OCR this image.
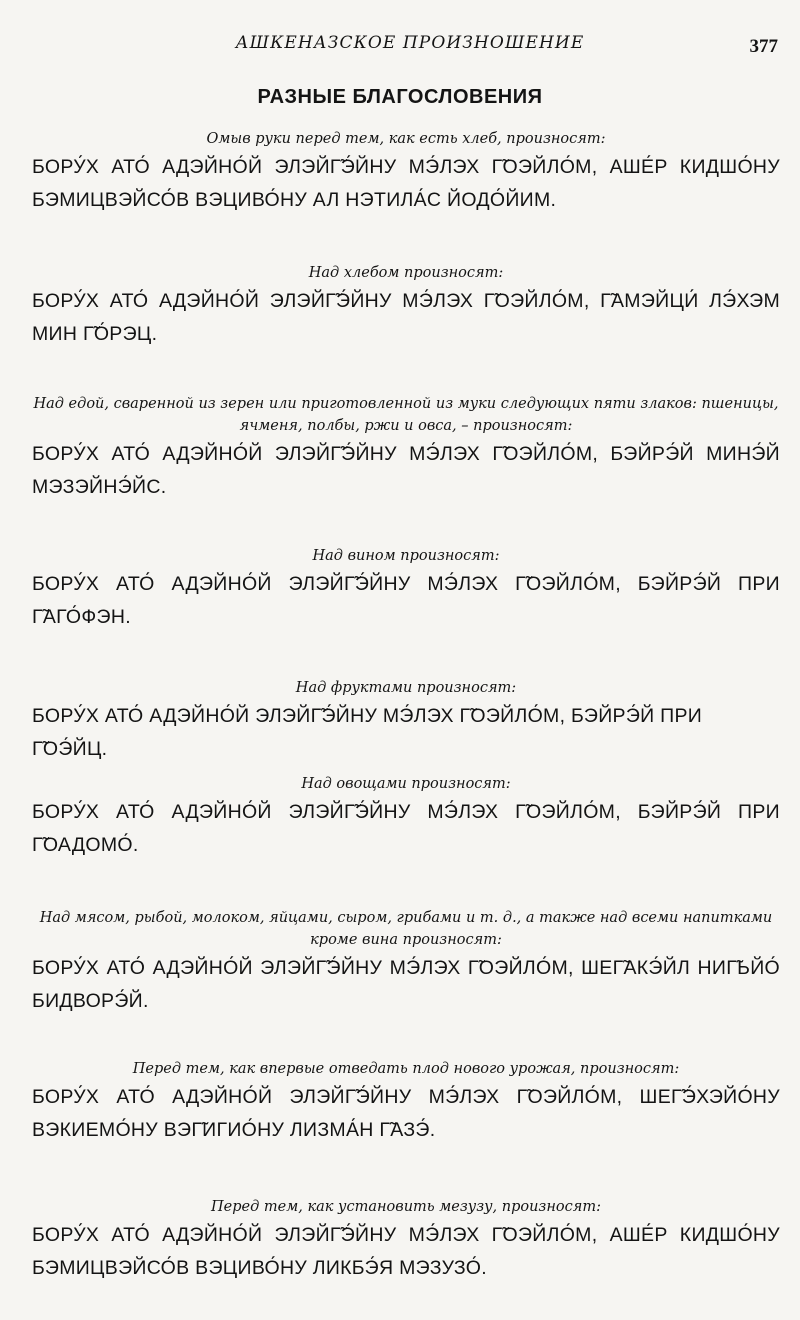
АШКЕНАЗСКОЕ ПРОИЗНОШЕНИЕ	377
РАЗНЫЕ БЛАГОСЛОВЕНИЯ

Омыв руки перед тем, как есть хлеб, произносят:

БОРУ́Х АТО́ АДЭЙНО́Й ЭЛЭЙГ̃Э́ЙНУ МЭ́ЛЭХ Г̃ОЭЙЛО́М, АШЕ́Р КИДШО́НУ БЭМИЦВЭЙСО́В ВЭЦИВО́НУ АЛ НЭТИЛА́С ЙОДО́ЙИМ.

Над хлебом произносят:

БОРУ́Х АТО́ АДЭЙНО́Й ЭЛЭЙГ̃Э́ЙНУ МЭ́ЛЭХ Г̃ОЭЙЛО́М, Г̃АМЭЙЦИ́ ЛЭ́ХЭМ МИН Г̃О́РЭЦ.

Над едой, сваренной из зерен или приготовленной из муки следующих пяти злаков: пшеницы, ячменя, полбы, ржи и овса, – произносят:

БОРУ́Х АТО́ АДЭЙНО́Й ЭЛЭЙГ̃Э́ЙНУ МЭ́ЛЭХ Г̃ОЭЙЛО́М, БЭЙРЭ́Й МИНЭ́Й МЭЗЭЙНЭ́ЙС.

Над вином произносят:

БОРУ́Х АТО́ АДЭЙНО́Й ЭЛЭЙГ̃Э́ЙНУ МЭ́ЛЭХ Г̃ОЭЙЛО́М, БЭЙРЭ́Й ПРИ Г̃АГО́ФЭН.

Над фруктами произносят:

БОРУ́Х АТО́ АДЭЙНО́Й ЭЛЭЙГ̃Э́ЙНУ МЭ́ЛЭХ Г̃ОЭЙЛО́М, БЭЙРЭ́Й ПРИ Г̃ОЭ́ЙЦ.

Над овощами произносят:

БОРУ́Х АТО́ АДЭЙНО́Й ЭЛЭЙГ̃Э́ЙНУ МЭ́ЛЭХ Г̃ОЭЙЛО́М, БЭЙРЭ́Й ПРИ Г̃ОАДОМО́.

Над мясом, рыбой, молоком, яйцами, сыром, грибами и т. д., а также над всеми напитками кроме вина произносят:

БОРУ́Х АТО́ АДЭЙНО́Й ЭЛЭЙГ̃Э́ЙНУ МЭ́ЛЭХ Г̃ОЭЙЛО́М, ШЕГ̃АКЭ́ЙЛ НИГ̃ЬЙО́ БИДВОРЭ́Й.

Перед тем, как впервые отведать плод нового урожая, произносят:

БОРУ́Х АТО́ АДЭЙНО́Й ЭЛЭЙГ̃Э́ЙНУ МЭ́ЛЭХ Г̃ОЭЙЛО́М, ШЕГ̃Э́ХЭЙО́НУ ВЭКИЕМО́НУ ВЭГ̃ИГИО́НУ ЛИЗМА́Н Г̃АЗЭ́.

Перед тем, как установить мезузу, произносят:

БОРУ́Х АТО́ АДЭЙНО́Й ЭЛЭЙГ̃Э́ЙНУ МЭ́ЛЭХ Г̃ОЭЙЛО́М, АШЕ́Р КИДШО́НУ БЭМИЦВЭЙСО́В ВЭЦИВО́НУ ЛИКБЭ́Я МЭЗУЗО́.
